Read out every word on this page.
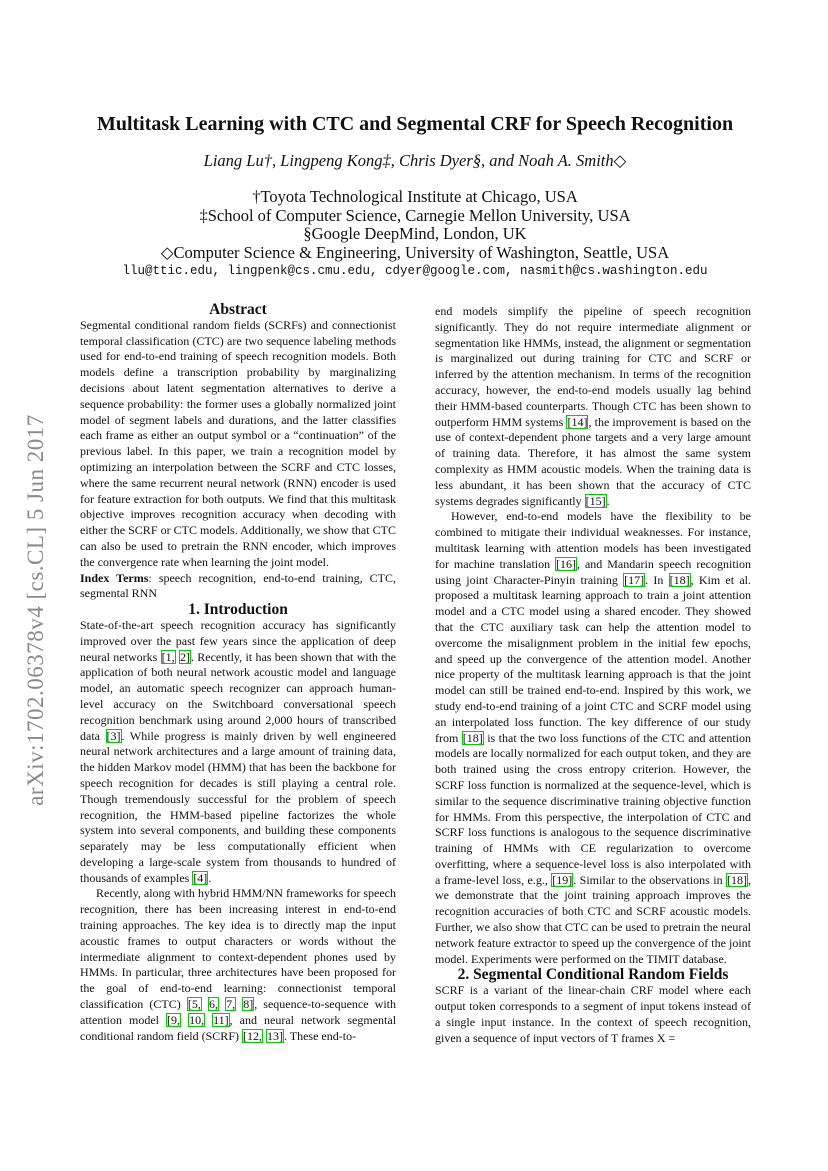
arXiv:1702.06378v4 [cs.CL] 5 Jun 2017
Multitask Learning with CTC and Segmental CRF for Speech Recognition
Liang Lu†, Lingpeng Kong‡, Chris Dyer§, and Noah A. Smith◇
†Toyota Technological Institute at Chicago, USA
‡School of Computer Science, Carnegie Mellon University, USA
§Google DeepMind, London, UK
◇Computer Science & Engineering, University of Washington, Seattle, USA
llu@ttic.edu, lingpenk@cs.cmu.edu, cdyer@google.com, nasmith@cs.washington.edu

Abstract

Segmental conditional random fields (SCRFs) and connectionist temporal classification (CTC) are two sequence labeling methods used for end-to-end training of speech recognition models. Both models define a transcription probability by marginalizing decisions about latent segmentation alternatives to derive a sequence probability: the former uses a globally normalized joint model of segment labels and durations, and the latter classifies each frame as either an output symbol or a “continuation” of the previous label. In this paper, we train a recognition model by optimizing an interpolation between the SCRF and CTC losses, where the same recurrent neural network (RNN) encoder is used for feature extraction for both outputs. We find that this multitask objective improves recognition accuracy when decoding with either the SCRF or CTC models. Additionally, we show that CTC can also be used to pretrain the RNN encoder, which improves the convergence rate when learning the joint model.

Index Terms: speech recognition, end-to-end training, CTC, segmental RNN

1. Introduction

State-of-the-art speech recognition accuracy has significantly improved over the past few years since the application of deep neural networks [1, 2]. Recently, it has been shown that with the application of both neural network acoustic model and language model, an automatic speech recognizer can approach human-level accuracy on the Switchboard conversational speech recognition benchmark using around 2,000 hours of transcribed data [3]. While progress is mainly driven by well engineered neural network architectures and a large amount of training data, the hidden Markov model (HMM) that has been the backbone for speech recognition for decades is still playing a central role. Though tremendously successful for the problem of speech recognition, the HMM-based pipeline factorizes the whole system into several components, and building these components separately may be less computationally efficient when developing a large-scale system from thousands to hundred of thousands of examples [4].

Recently, along with hybrid HMM/NN frameworks for speech recognition, there has been increasing interest in end-to-end training approaches. The key idea is to directly map the input acoustic frames to output characters or words without the intermediate alignment to context-dependent phones used by HMMs. In particular, three architectures have been proposed for the goal of end-to-end learning: connectionist temporal classification (CTC) [5, 6, 7, 8], sequence-to-sequence with attention model [9, 10, 11], and neural network segmental conditional random field (SCRF) [12, 13]. These end-to-

end models simplify the pipeline of speech recognition significantly. They do not require intermediate alignment or segmentation like HMMs, instead, the alignment or segmentation is marginalized out during training for CTC and SCRF or inferred by the attention mechanism. In terms of the recognition accuracy, however, the end-to-end models usually lag behind their HMM-based counterparts. Though CTC has been shown to outperform HMM systems [14], the improvement is based on the use of context-dependent phone targets and a very large amount of training data. Therefore, it has almost the same system complexity as HMM acoustic models. When the training data is less abundant, it has been shown that the accuracy of CTC systems degrades significantly [15].

However, end-to-end models have the flexibility to be combined to mitigate their individual weaknesses. For instance, multitask learning with attention models has been investigated for machine translation [16], and Mandarin speech recognition using joint Character-Pinyin training [17]. In [18], Kim et al. proposed a multitask learning approach to train a joint attention model and a CTC model using a shared encoder. They showed that the CTC auxiliary task can help the attention model to overcome the misalignment problem in the initial few epochs, and speed up the convergence of the attention model. Another nice property of the multitask learning approach is that the joint model can still be trained end-to-end. Inspired by this work, we study end-to-end training of a joint CTC and SCRF model using an interpolated loss function. The key difference of our study from [18] is that the two loss functions of the CTC and attention models are locally normalized for each output token, and they are both trained using the cross entropy criterion. However, the SCRF loss function is normalized at the sequence-level, which is similar to the sequence discriminative training objective function for HMMs. From this perspective, the interpolation of CTC and SCRF loss functions is analogous to the sequence discriminative training of HMMs with CE regularization to overcome overfitting, where a sequence-level loss is also interpolated with a frame-level loss, e.g., [19]. Similar to the observations in [18], we demonstrate that the joint training approach improves the recognition accuracies of both CTC and SCRF acoustic models. Further, we also show that CTC can be used to pretrain the neural network feature extractor to speed up the convergence of the joint model. Experiments were performed on the TIMIT database.

2. Segmental Conditional Random Fields

SCRF is a variant of the linear-chain CRF model where each output token corresponds to a segment of input tokens instead of a single input instance. In the context of speech recognition, given a sequence of input vectors of T frames X =
